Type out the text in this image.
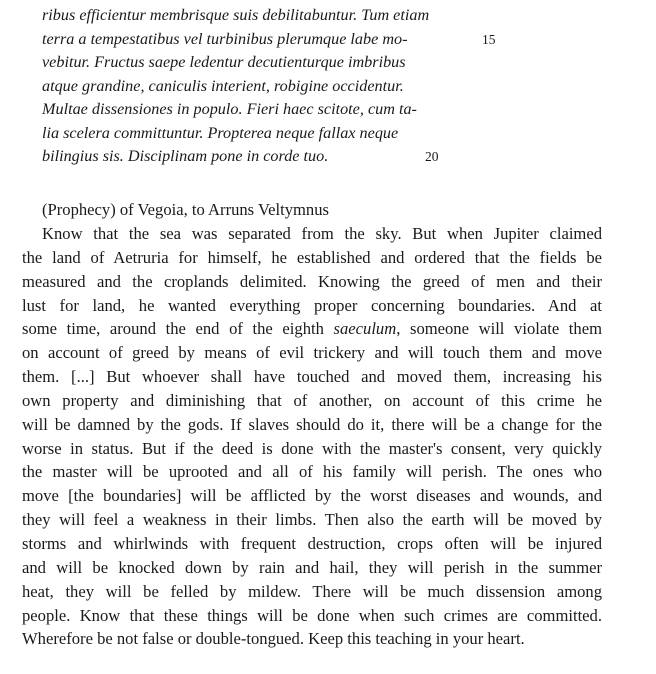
ribus efficientur membrisque suis debilitabuntur. Tum etiam
terra a tempestatibus vel turbinibus plerumque labe mo-	15
vebitur. Fructus saepe ledentur decutienturque imbribus
atque grandine, caniculis interient, robigine occidentur.
Multae dissensiones in populo. Fieri haec scitote, cum ta-
lia scelera committuntur. Propterea neque fallax neque
bilingius sis. Disciplinam pone in corde tuo.	20
(Prophecy) of Vegoia, to Arruns Veltymnus
Know that the sea was separated from the sky. But when Jupiter claimed
the land of Aetruria for himself, he established and ordered that the fields be
measured and the croplands delimited. Knowing the greed of men and their
lust for land, he wanted everything proper concerning boundaries. And at
some time, around the end of the eighth saeculum, someone will violate them
on account of greed by means of evil trickery and will touch them and move
them. [...] But whoever shall have touched and moved them, increasing his
own property and diminishing that of another, on account of this crime he
will be damned by the gods. If slaves should do it, there will be a change for the
worse in status. But if the deed is done with the master's consent, very quickly
the master will be uprooted and all of his family will perish. The ones who
move [the boundaries] will be afflicted by the worst diseases and wounds, and
they will feel a weakness in their limbs. Then also the earth will be moved by
storms and whirlwinds with frequent destruction, crops often will be injured
and will be knocked down by rain and hail, they will perish in the summer
heat, they will be felled by mildew. There will be much dissension among
people. Know that these things will be done when such crimes are committed.
Wherefore be not false or double-tongued. Keep this teaching in your heart.
